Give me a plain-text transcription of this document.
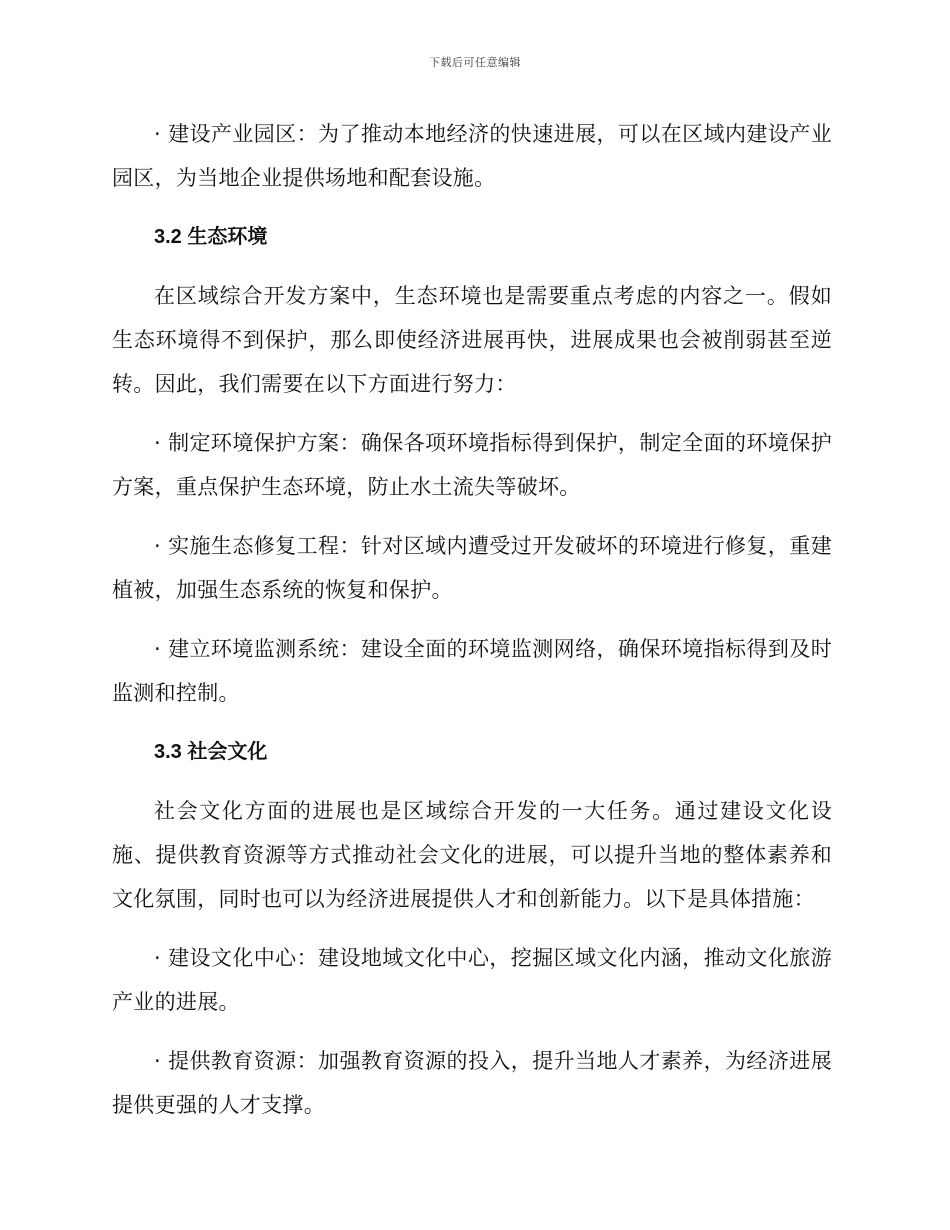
下载后可任意编辑

· 建设产业园区：为了推动本地经济的快速进展，可以在区域内建设产业园区，为当地企业提供场地和配套设施。

3.2 生态环境

在区域综合开发方案中，生态环境也是需要重点考虑的内容之一。假如生态环境得不到保护，那么即使经济进展再快，进展成果也会被削弱甚至逆转。因此，我们需要在以下方面进行努力：

· 制定环境保护方案：确保各项环境指标得到保护，制定全面的环境保护方案，重点保护生态环境，防止水土流失等破坏。

· 实施生态修复工程：针对区域内遭受过开发破坏的环境进行修复，重建植被，加强生态系统的恢复和保护。

· 建立环境监测系统：建设全面的环境监测网络，确保环境指标得到及时监测和控制。

3.3 社会文化

社会文化方面的进展也是区域综合开发的一大任务。通过建设文化设施、提供教育资源等方式推动社会文化的进展，可以提升当地的整体素养和文化氛围，同时也可以为经济进展提供人才和创新能力。以下是具体措施：

· 建设文化中心：建设地域文化中心，挖掘区域文化内涵，推动文化旅游产业的进展。

· 提供教育资源：加强教育资源的投入，提升当地人才素养，为经济进展提供更强的人才支撑。
